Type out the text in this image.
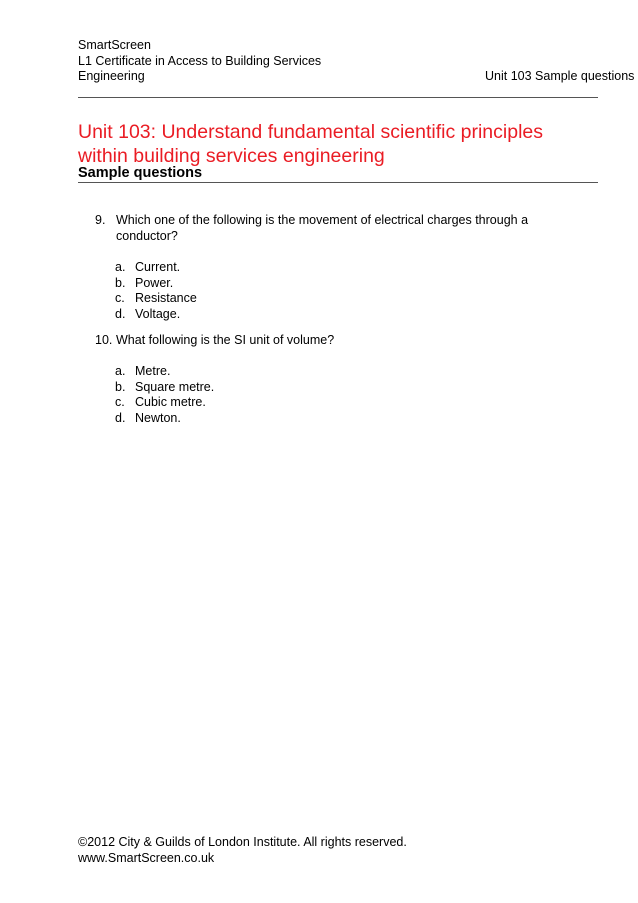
SmartScreen
L1 Certificate in Access to Building Services
Engineering	Unit 103 Sample questions
Unit 103: Understand fundamental scientific principles
within building services engineering
Sample questions
9. Which one of the following is the movement of electrical charges through a
conductor?
a. Current.
b. Power.
c. Resistance
d. Voltage.
10. What following is the SI unit of volume?
a. Metre.
b. Square metre.
c. Cubic metre.
d. Newton.
©2012 City & Guilds of London Institute. All rights reserved.
www.SmartScreen.co.uk
